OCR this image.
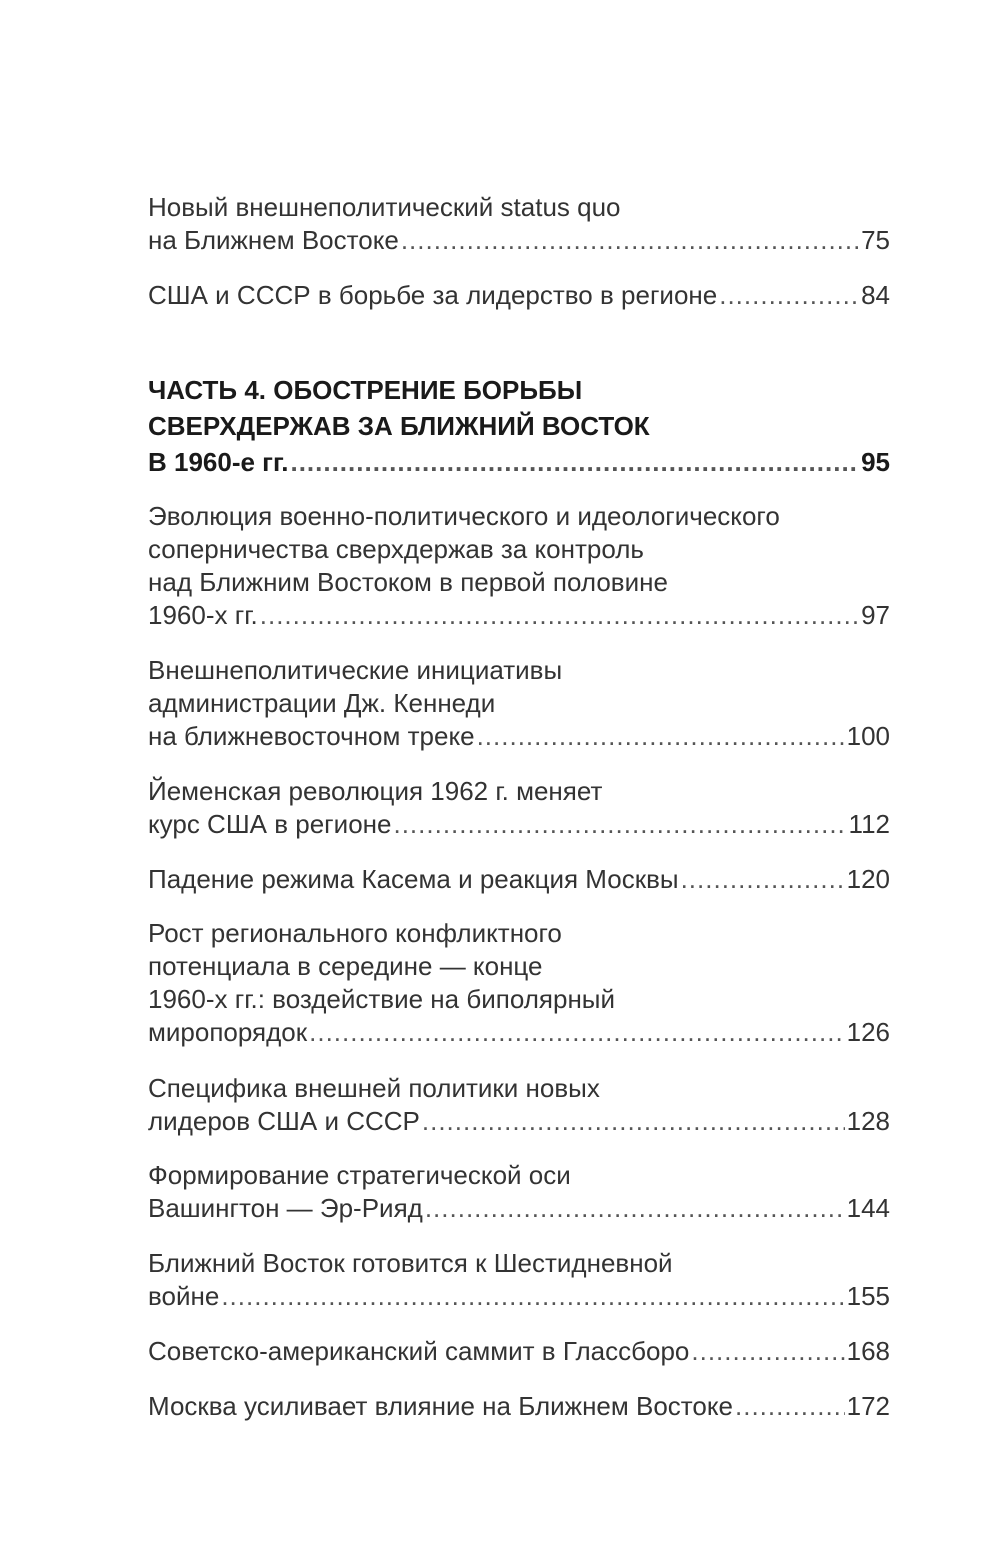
Новый внешнеполитический status quo
на Ближнем Востоке .....	75
США и СССР в борьбе за лидерство в регионе .....	84
ЧАСТЬ 4. ОБОСТРЕНИЕ БОРЬБЫ
СВЕРХДЕРЖАВ ЗА БЛИЖНИЙ ВОСТОК
В 1960-е гг. .....	95
Эволюция военно-политического и идеологического
соперничества сверхдержав за контроль
над Ближним Востоком в первой половине
1960-х гг. .....	97
Внешнеполитические инициативы
администрации Дж. Кеннеди
на ближневосточном треке .....	100
Йеменская революция 1962 г. меняет
курс США в регионе .....	112
Падение режима Касема и реакция Москвы .....	120
Рост регионального конфликтного
потенциала в середине — конце
1960-х гг.: воздействие на биполярный
миропорядок .....	126
Специфика внешней политики новых
лидеров США и СССР .....	128
Формирование стратегической оси
Вашингтон — Эр-Рияд .....	144
Ближний Восток готовится к Шестидневной
войне .....	155
Советско-американский саммит в Глассборо .....	168
Москва усиливает влияние на Ближнем Востоке .....	172
